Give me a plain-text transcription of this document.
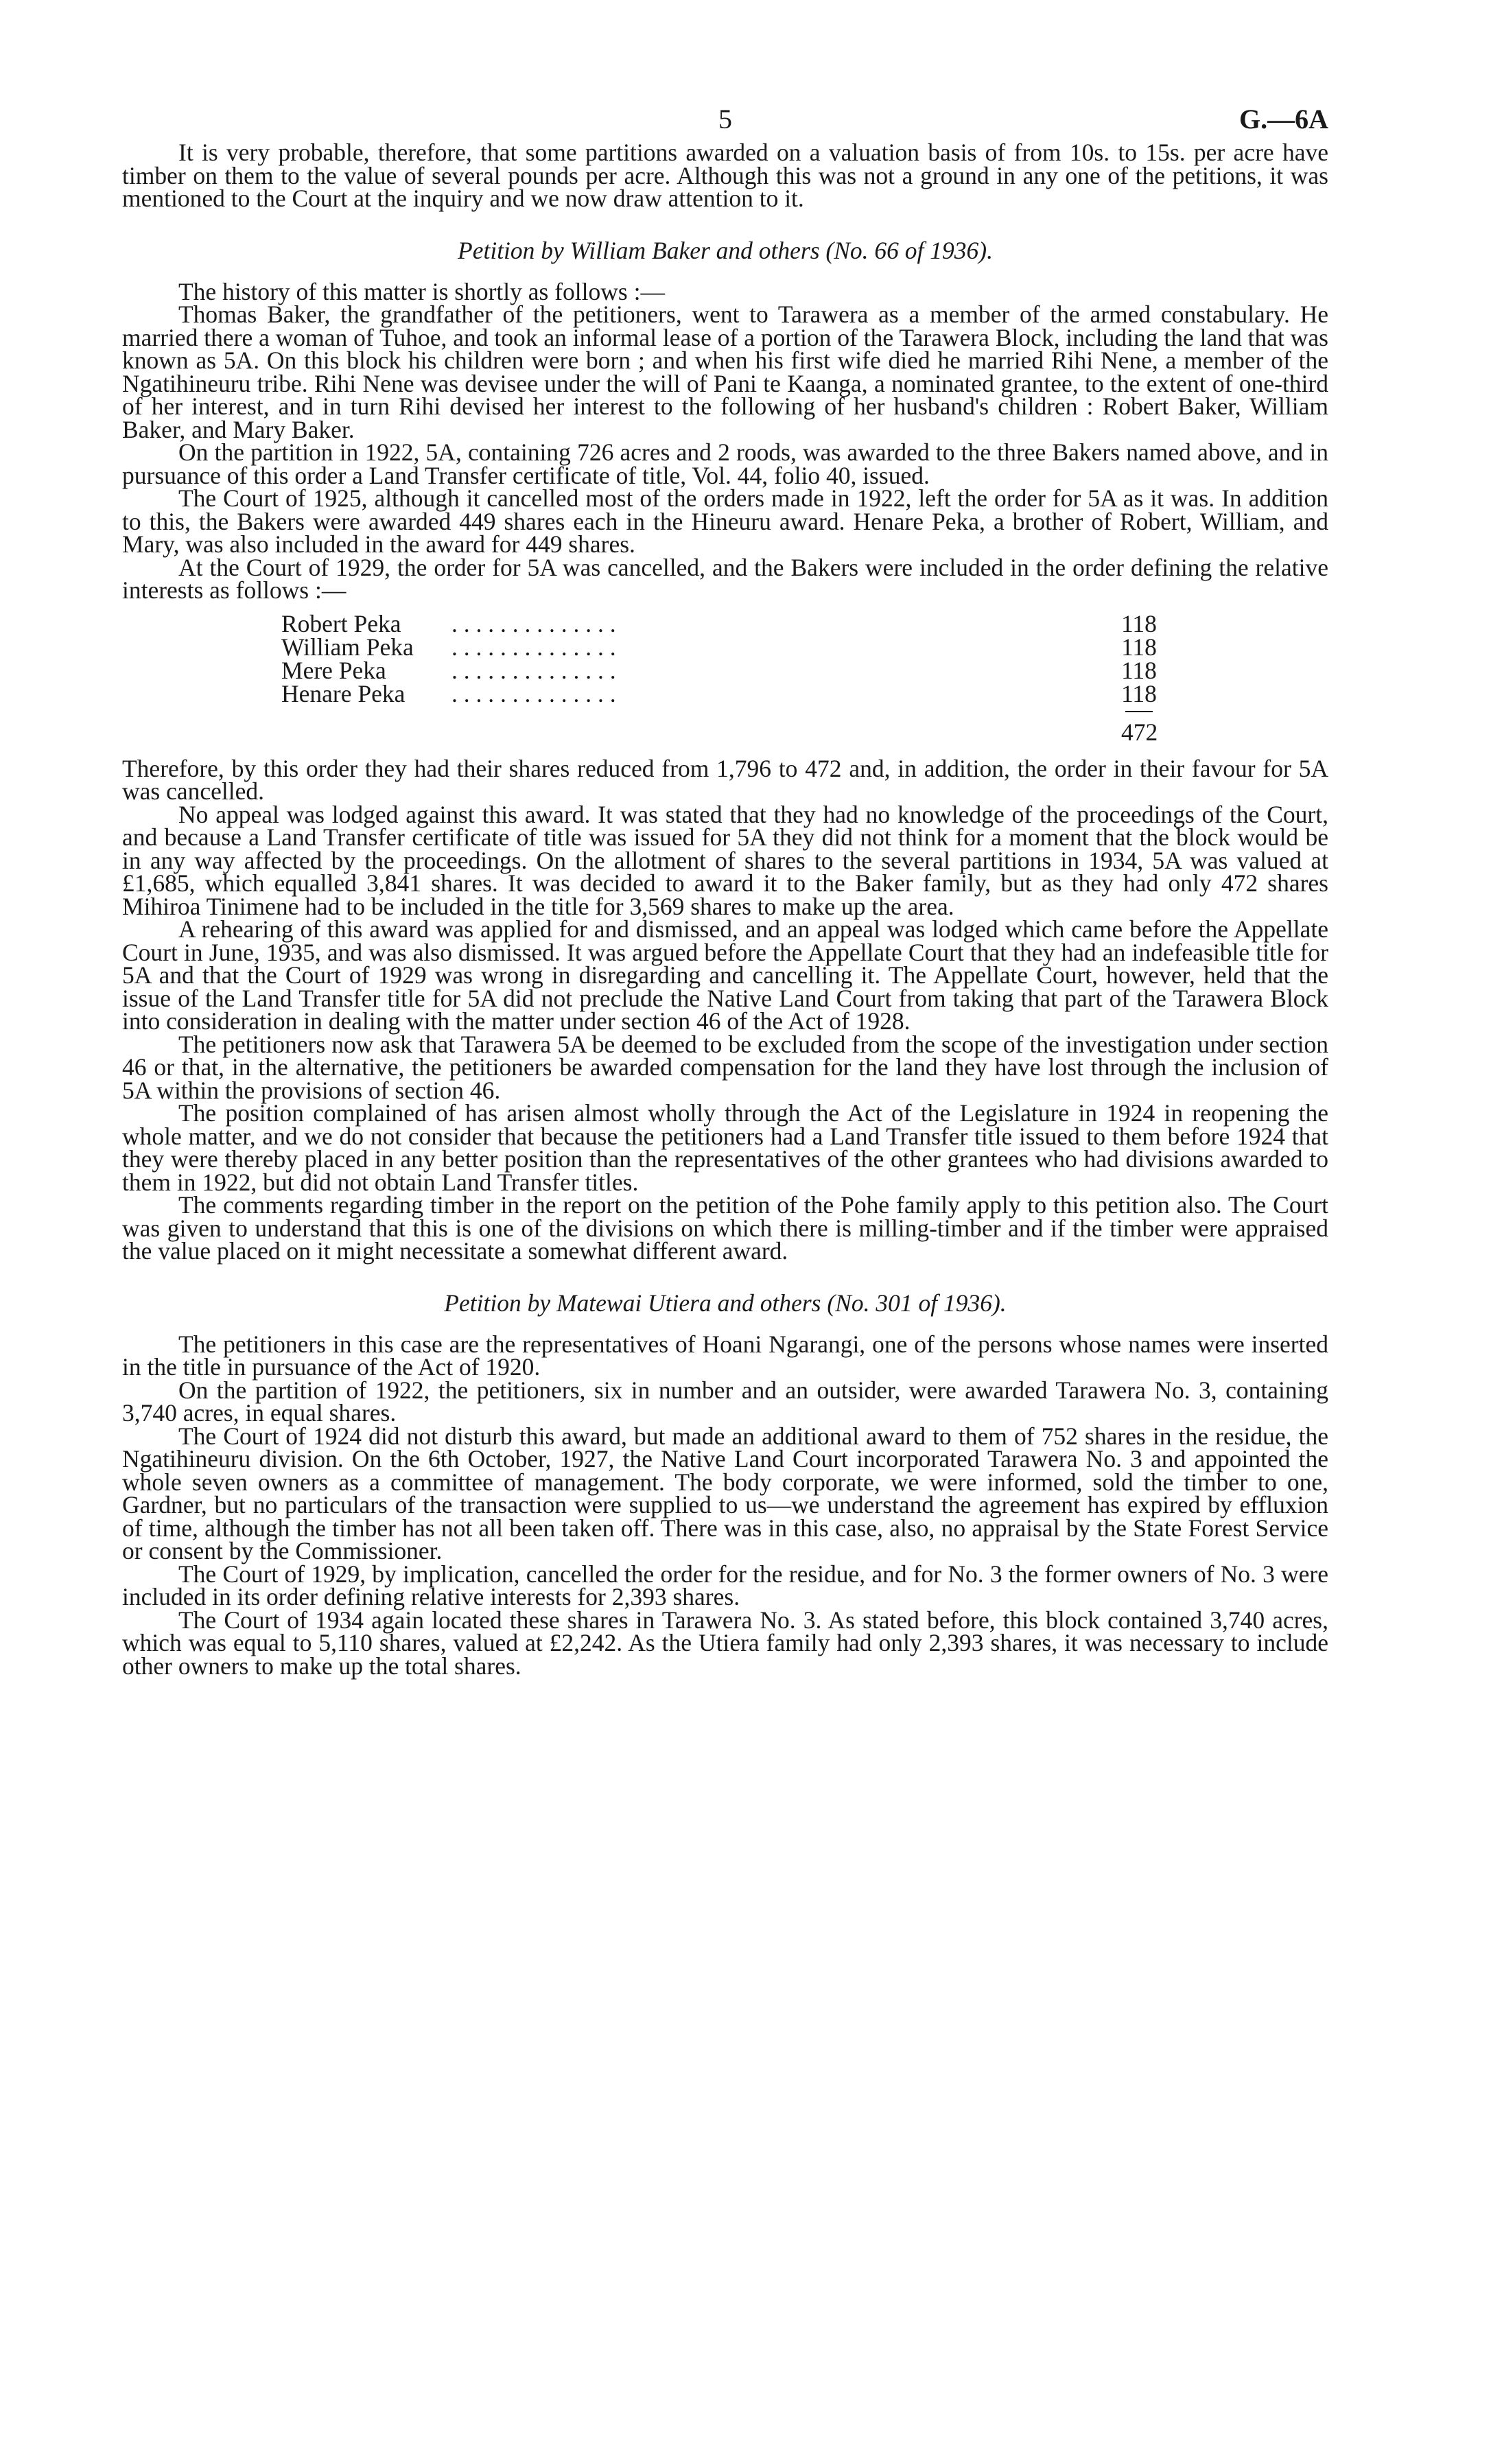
5	G.—6A

It is very probable, therefore, that some partitions awarded on a valuation basis of from 10s. to 15s. per acre have timber on them to the value of several pounds per acre. Although this was not a ground in any one of the petitions, it was mentioned to the Court at the inquiry and we now draw attention to it.

Petition by William Baker and others (No. 66 of 1936).

The history of this matter is shortly as follows :—

Thomas Baker, the grandfather of the petitioners, went to Tarawera as a member of the armed constabulary. He married there a woman of Tuhoe, and took an informal lease of a portion of the Tarawera Block, including the land that was known as 5A. On this block his children were born ; and when his first wife died he married Rihi Nene, a member of the Ngatihineuru tribe. Rihi Nene was devisee under the will of Pani te Kaanga, a nominated grantee, to the extent of one-third of her interest, and in turn Rihi devised her interest to the following of her husband's children : Robert Baker, William Baker, and Mary Baker.

On the partition in 1922, 5A, containing 726 acres and 2 roods, was awarded to the three Bakers named above, and in pursuance of this order a Land Transfer certificate of title, Vol. 44, folio 40, issued.

The Court of 1925, although it cancelled most of the orders made in 1922, left the order for 5A as it was. In addition to this, the Bakers were awarded 449 shares each in the Hineuru award. Henare Peka, a brother of Robert, William, and Mary, was also included in the award for 449 shares.

At the Court of 1929, the order for 5A was cancelled, and the Bakers were included in the order defining the relative interests as follows :—

Robert Peka . . . . . . . . . . . . . .	118
William Peka . . . . . . . . . . . . . .	118
Mere Peka	. . . . . . . . . . . . . .	118
Henare Peka . . . . . . . . . . . . . .	118
472

Therefore, by this order they had their shares reduced from 1,796 to 472 and, in addition, the order in their favour for 5A was cancelled.

No appeal was lodged against this award. It was stated that they had no knowledge of the proceedings of the Court, and because a Land Transfer certificate of title was issued for 5A they did not think for a moment that the block would be in any way affected by the proceedings. On the allotment of shares to the several partitions in 1934, 5A was valued at £1,685, which equalled 3,841 shares. It was decided to award it to the Baker family, but as they had only 472 shares Mihiroa Tinimene had to be included in the title for 3,569 shares to make up the area.

A rehearing of this award was applied for and dismissed, and an appeal was lodged which came before the Appellate Court in June, 1935, and was also dismissed. It was argued before the Appellate Court that they had an indefeasible title for 5A and that the Court of 1929 was wrong in disregarding and cancelling it. The Appellate Court, however, held that the issue of the Land Transfer title for 5A did not preclude the Native Land Court from taking that part of the Tarawera Block into consideration in dealing with the matter under section 46 of the Act of 1928.

The petitioners now ask that Tarawera 5A be deemed to be excluded from the scope of the investigation under section 46 or that, in the alternative, the petitioners be awarded compensation for the land they have lost through the inclusion of 5A within the provisions of section 46.

The position complained of has arisen almost wholly through the Act of the Legislature in 1924 in reopening the whole matter, and we do not consider that because the petitioners had a Land Transfer title issued to them before 1924 that they were thereby placed in any better position than the representatives of the other grantees who had divisions awarded to them in 1922, but did not obtain Land Transfer titles.

The comments regarding timber in the report on the petition of the Pohe family apply to this petition also. The Court was given to understand that this is one of the divisions on which there is milling-timber and if the timber were appraised the value placed on it might necessitate a somewhat different award.

Petition by Matewai Utiera and others (No. 301 of 1936).

The petitioners in this case are the representatives of Hoani Ngarangi, one of the persons whose names were inserted in the title in pursuance of the Act of 1920.

On the partition of 1922, the petitioners, six in number and an outsider, were awarded Tarawera No. 3, containing 3,740 acres, in equal shares.

The Court of 1924 did not disturb this award, but made an additional award to them of 752 shares in the residue, the Ngatihineuru division. On the 6th October, 1927, the Native Land Court incorporated Tarawera No. 3 and appointed the whole seven owners as a committee of management. The body corporate, we were informed, sold the timber to one, Gardner, but no particulars of the transaction were supplied to us—we understand the agreement has expired by effluxion of time, although the timber has not all been taken off. There was in this case, also, no appraisal by the State Forest Service or consent by the Commissioner.

The Court of 1929, by implication, cancelled the order for the residue, and for No. 3 the former owners of No. 3 were included in its order defining relative interests for 2,393 shares.

The Court of 1934 again located these shares in Tarawera No. 3. As stated before, this block contained 3,740 acres, which was equal to 5,110 shares, valued at £2,242. As the Utiera family had only 2,393 shares, it was necessary to include other owners to make up the total shares.
